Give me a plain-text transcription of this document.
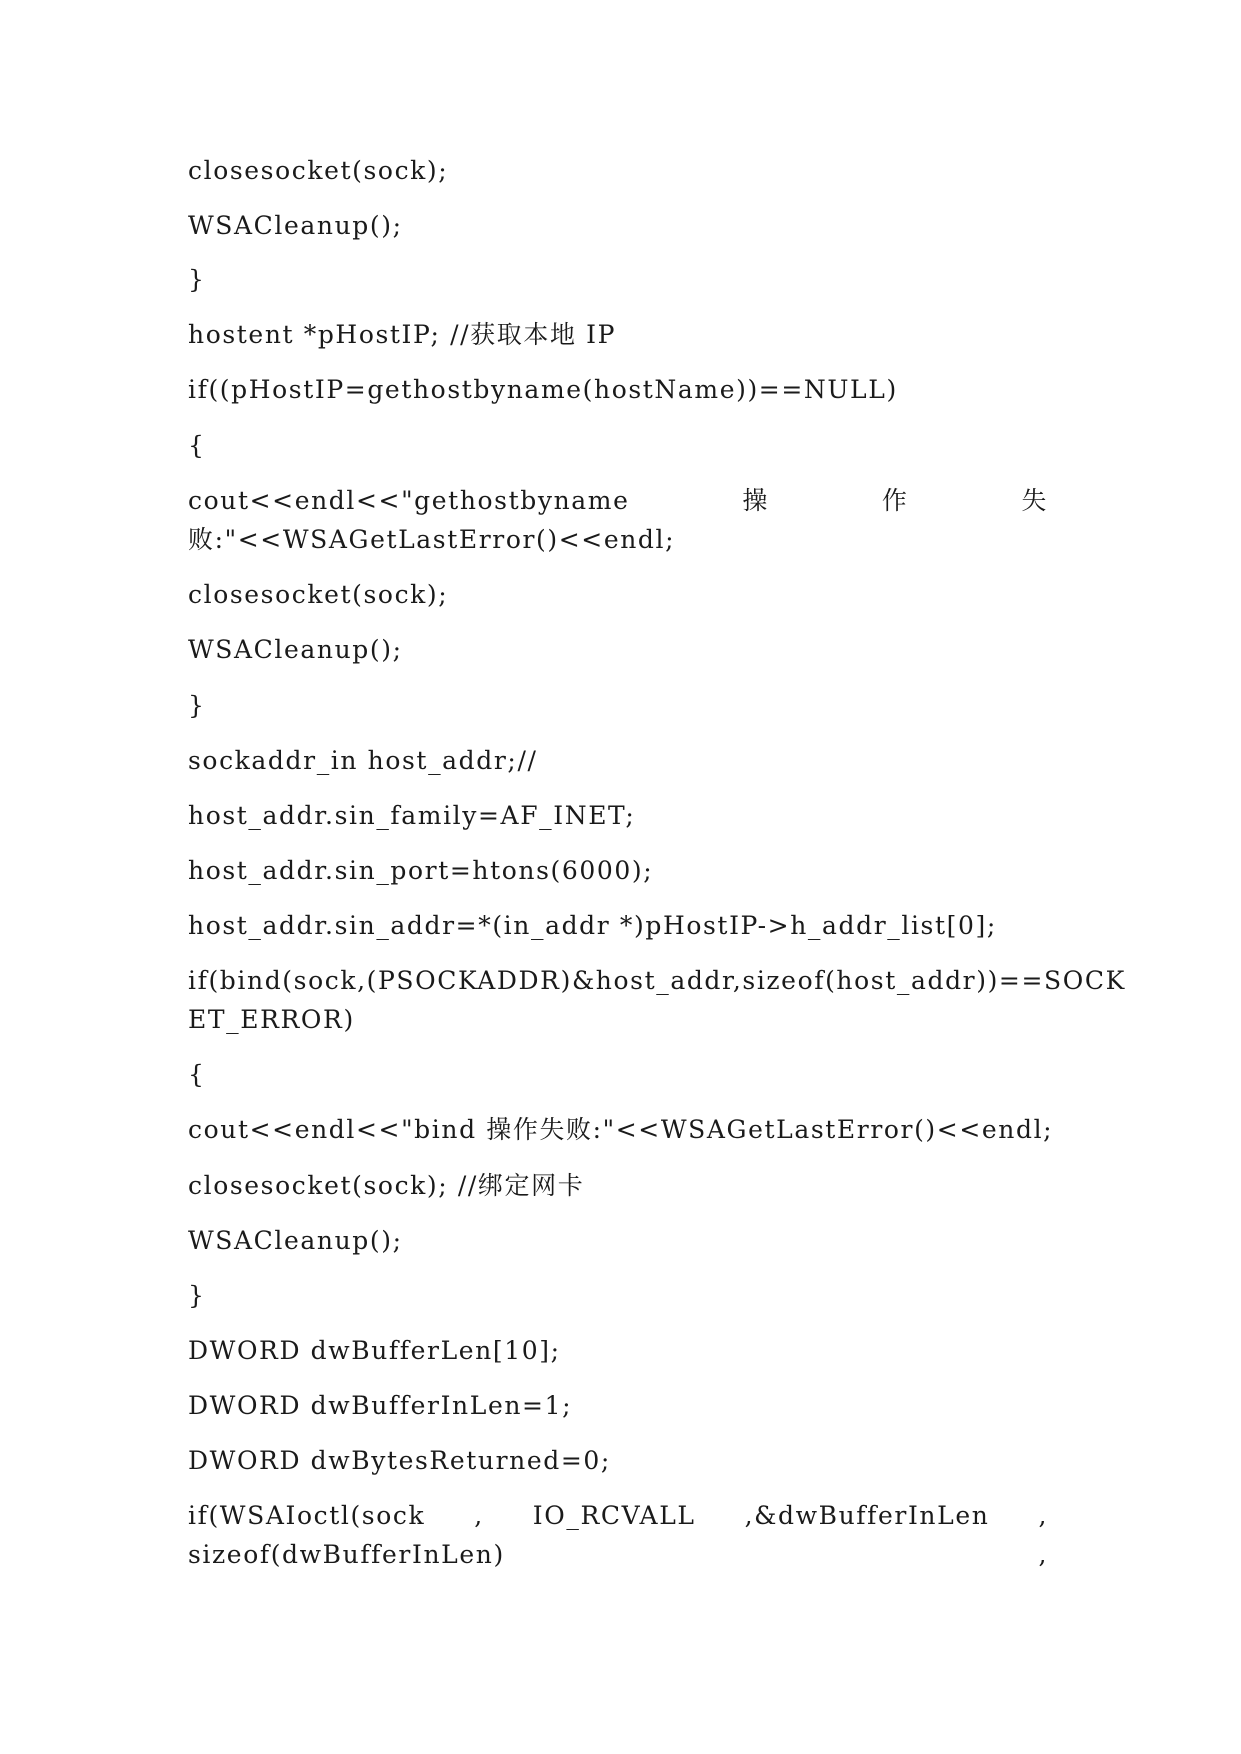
closesocket(sock);
WSACleanup();
}
hostent *pHostIP; //获取本地 IP
if((pHostIP=gethostbyname(hostName))==NULL)
{
cout<<endl<<"gethostbyname	操	作	失
败:"<<WSAGetLastError()<<endl;
closesocket(sock);
WSACleanup();
}
sockaddr_in host_addr;//
host_addr.sin_family=AF_INET;
host_addr.sin_port=htons(6000);
host_addr.sin_addr=*(in_addr *)pHostIP->h_addr_list[0];
if(bind(sock,(PSOCKADDR)&host_addr,sizeof(host_addr))==SOCK
ET_ERROR)
{
cout<<endl<<"bind 操作失败:"<<WSAGetLastError()<<endl;
closesocket(sock); //绑定网卡
WSACleanup();
}
DWORD dwBufferLen[10];
DWORD dwBufferInLen=1;
DWORD dwBytesReturned=0;
if(WSAIoctl(sock , IO_RCVALL ,&dwBufferInLen ,
sizeof(dwBufferInLen)	,
